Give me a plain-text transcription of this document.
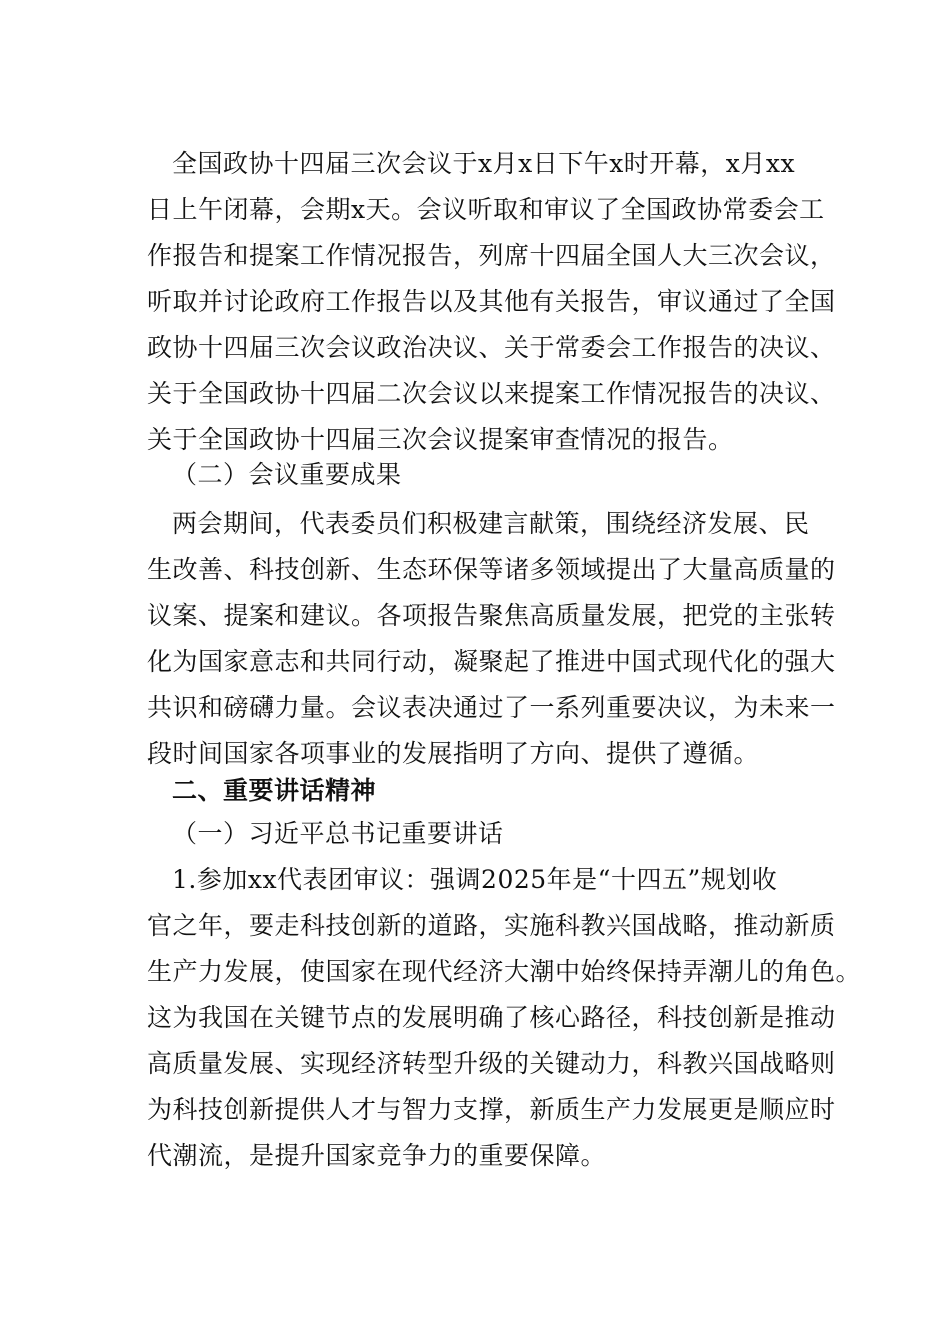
全国政协十四届三次会议于x月x日下午x时开幕，x月xx

日上午闭幕，会期x天。会议听取和审议了全国政协常委会工

作报告和提案工作情况报告，列席十四届全国人大三次会议，

听取并讨论政府工作报告以及其他有关报告，审议通过了全国

政协十四届三次会议政治决议、关于常委会工作报告的决议、

关于全国政协十四届二次会议以来提案工作情况报告的决议、

关于全国政协十四届三次会议提案审查情况的报告。

（二）会议重要成果

两会期间，代表委员们积极建言献策，围绕经济发展、民

生改善、科技创新、生态环保等诸多领域提出了大量高质量的

议案、提案和建议。各项报告聚焦高质量发展，把党的主张转

化为国家意志和共同行动，凝聚起了推进中国式现代化的强大

共识和磅礴力量。会议表决通过了一系列重要决议，为未来一

段时间国家各项事业的发展指明了方向、提供了遵循。

二、重要讲话精神

（一）习近平总书记重要讲话

1.参加xx代表团审议：强调2025年是“十四五”规划收

官之年，要走科技创新的道路，实施科教兴国战略，推动新质

生产力发展，使国家在现代经济大潮中始终保持弄潮儿的角色。

这为我国在关键节点的发展明确了核心路径，科技创新是推动

高质量发展、实现经济转型升级的关键动力，科教兴国战略则

为科技创新提供人才与智力支撑，新质生产力发展更是顺应时

代潮流，是提升国家竞争力的重要保障。
